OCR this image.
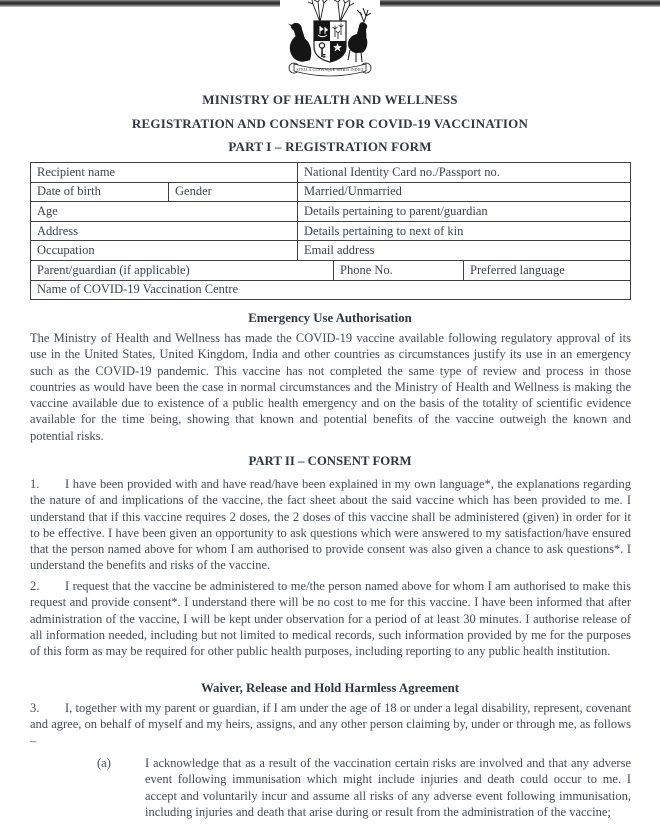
STELLA CLAVISQUE MARIS INDICI
MINISTRY OF HEALTH AND WELLNESS
REGISTRATION AND CONSENT FOR COVID-19 VACCINATION
PART I – REGISTRATION FORM
Recipient name		National Identity Card no./Passport no.		
Date of birth	Gender	Married/Unmarried		
Age		Details pertaining to parent/guardian		
Address		Details pertaining to next of kin		
Occupation		Email address		
Parent/guardian (if applicable)			Phone No.	Preferred language
Name of COVID-19 Vaccination Centre				
Emergency Use Authorisation

The Ministry of Health and Wellness has made the COVID-19 vaccine available following regulatory approval of its use in the United States, United Kingdom, India and other countries as circumstances justify its use in an emergency such as the COVID-19 pandemic. This vaccine has not completed the same type of review and process in those countries as would have been the case in normal circumstances and the Ministry of Health and Wellness is making the vaccine available due to existence of a public health emergency and on the basis of the totality of scientific evidence available for the time being, showing that known and potential benefits of the vaccine outweigh the known and potential risks.

PART II – CONSENT FORM

1. I have been provided with and have read/have been explained in my own language*, the explanations regarding the nature of and implications of the vaccine, the fact sheet about the said vaccine which has been provided to me. I understand that if this vaccine requires 2 doses, the 2 doses of this vaccine shall be administered (given) in order for it to be effective. I have been given an opportunity to ask questions which were answered to my satisfaction/have ensured that the person named above for whom I am authorised to provide consent was also given a chance to ask questions*. I understand the benefits and risks of the vaccine.

2. I request that the vaccine be administered to me/the person named above for whom I am authorised to make this request and provide consent*. I understand there will be no cost to me for this vaccine. I have been informed that after administration of the vaccine, I will be kept under observation for a period of at least 30 minutes. I authorise release of all information needed, including but not limited to medical records, such information provided by me for the purposes of this form as may be required for other public health purposes, including reporting to any public health institution.

Waiver, Release and Hold Harmless Agreement

3. I, together with my parent or guardian, if I am under the age of 18 or under a legal disability, represent, covenant and agree, on behalf of myself and my heirs, assigns, and any other person claiming by, under or through me, as follows –

(a)	I acknowledge that as a result of the vaccination certain risks are involved and that any adverse event following immunisation which might include injuries and death could occur to me. I accept and voluntarily incur and assume all risks of any adverse event following immunisation, including injuries and death that arise during or result from the administration of the vaccine;
